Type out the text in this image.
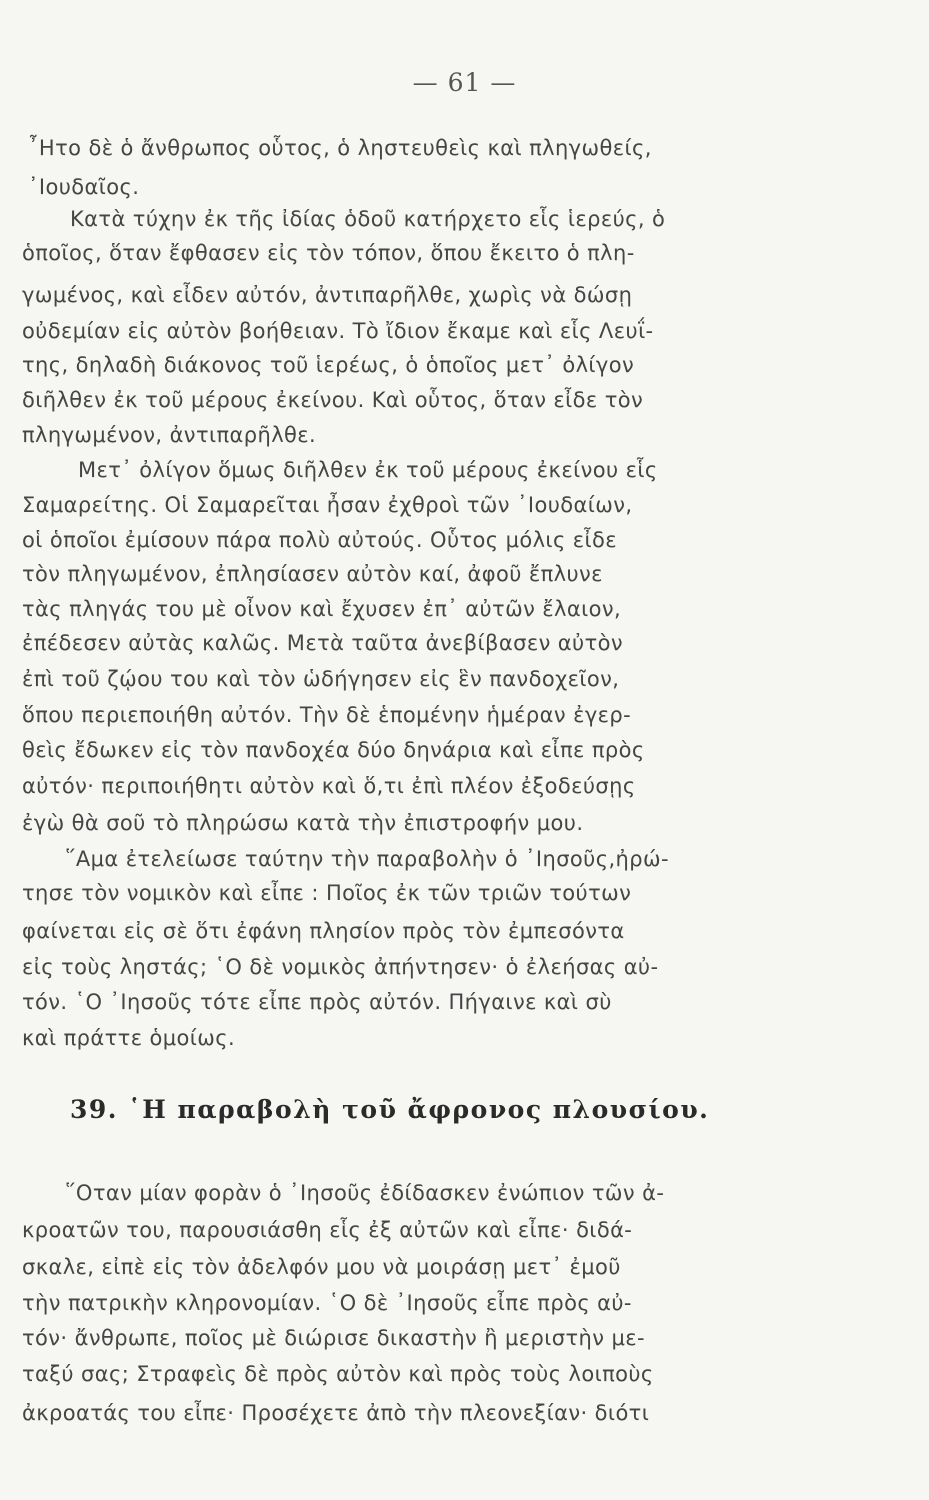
— 61 —
῏Ητο δὲ ὁ ἄνθρωπος οὗτος, ὁ ληστευθεὶς καὶ πληγωθείς,
᾿Ιουδαῖος.
Κατὰ τύχην ἐκ τῆς ἰδίας ὁδοῦ κατήρχετο εἷς ἱερεύς, ὁ
ὁποῖος, ὅταν ἔφθασεν εἰς τὸν τόπον, ὅπου ἔκειτο ὁ πλη-
γωμένος, καὶ εἶδεν αὐτόν, ἀντιπαρῆλθε, χωρὶς νὰ δώσῃ
οὐδεμίαν εἰς αὐτὸν βοήθειαν. Τὸ ἴδιον ἔκαμε καὶ εἷς Λευΐ-
της, δηλαδὴ διάκονος τοῦ ἱερέως, ὁ ὁποῖος μετ᾿ ὀλίγον
διῆλθεν ἐκ τοῦ μέρους ἐκείνου. Καὶ οὗτος, ὅταν εἶδε τὸν
πληγωμένον, ἀντιπαρῆλθε.
Μετ᾿ ὀλίγον ὅμως διῆλθεν ἐκ τοῦ μέρους ἐκείνου εἷς
Σαμαρείτης. Οἱ Σαμαρεῖται ἦσαν ἐχθροὶ τῶν ᾿Ιουδαίων,
οἱ ὁποῖοι ἐμίσουν πάρα πολὺ αὐτούς. Οὗτος μόλις εἶδε
τὸν πληγωμένον, ἐπλησίασεν αὐτὸν καί, ἀφοῦ ἔπλυνε
τὰς πληγάς του μὲ οἶνον καὶ ἔχυσεν ἐπ᾿ αὐτῶν ἔλαιον,
ἐπέδεσεν αὐτὰς καλῶς. Μετὰ ταῦτα ἀνεβίβασεν αὐτὸν
ἐπὶ τοῦ ζῴου του καὶ τὸν ὡδήγησεν εἰς ἓν πανδοχεῖον,
ὅπου περιεποιήθη αὐτόν. Τὴν δὲ ἑπομένην ἡμέραν ἐγερ-
θεὶς ἔδωκεν εἰς τὸν πανδοχέα δύο δηνάρια καὶ εἶπε πρὸς
αὐτόν· περιποιήθητι αὐτὸν καὶ ὅ,τι ἐπὶ πλέον ἐξοδεύσῃς
ἐγὼ θὰ σοῦ τὸ πληρώσω κατὰ τὴν ἐπιστροφήν μου.
῞Αμα ἐτελείωσε ταύτην τὴν παραβολὴν ὁ ᾿Ιησοῦς,ἠρώ-
τησε τὸν νομικὸν καὶ εἶπε : Ποῖος ἐκ τῶν τριῶν τούτων
φαίνεται εἰς σὲ ὅτι ἐφάνη πλησίον πρὸς τὸν ἐμπεσόντα
εἰς τοὺς ληστάς; ῾Ο δὲ νομικὸς ἀπήντησεν· ὁ ἐλεήσας αὐ-
τόν. ῾Ο ᾿Ιησοῦς τότε εἶπε πρὸς αὐτόν. Πήγαινε καὶ σὺ
καὶ πράττε ὁμοίως.
39. ῾Η παραβολὴ τοῦ ἄφρονος πλουσίου.
῞Οταν μίαν φορὰν ὁ ᾿Ιησοῦς ἐδίδασκεν ἐνώπιον τῶν ἀ-
κροατῶν του, παρουσιάσθη εἷς ἐξ αὐτῶν καὶ εἶπε· διδά-
σκαλε, εἰπὲ εἰς τὸν ἀδελφόν μου νὰ μοιράσῃ μετ᾿ ἐμοῦ
τὴν πατρικὴν κληρονομίαν. ῾Ο δὲ ᾿Ιησοῦς εἶπε πρὸς αὐ-
τόν· ἄνθρωπε, ποῖος μὲ διώρισε δικαστὴν ἢ μεριστὴν με-
ταξύ σας; Στραφεὶς δὲ πρὸς αὐτὸν καὶ πρὸς τοὺς λοιποὺς
ἀκροατάς του εἶπε· Προσέχετε ἀπὸ τὴν πλεονεξίαν· διότι
